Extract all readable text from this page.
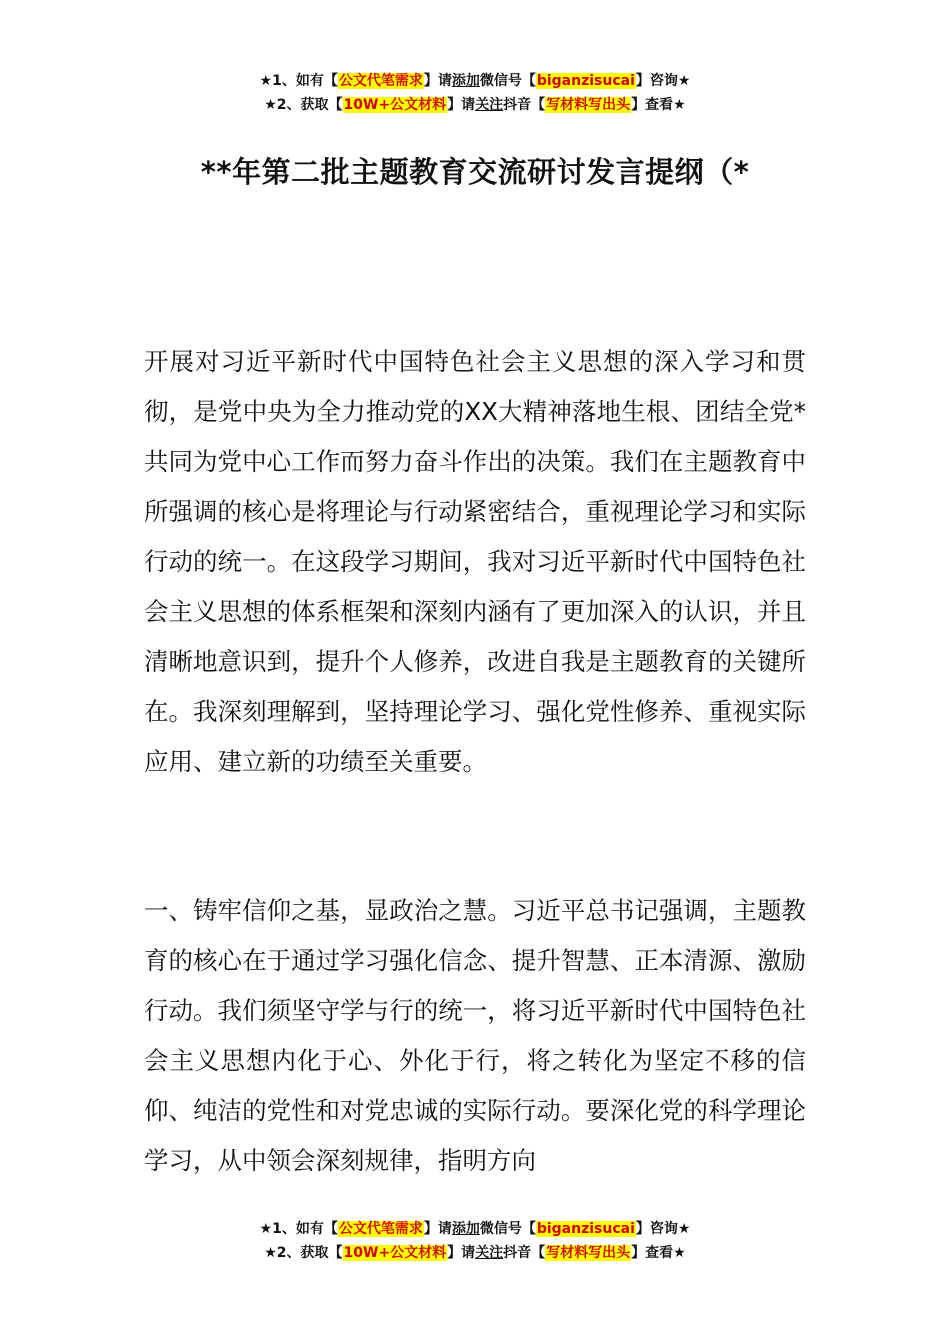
★1、如有【公文代笔需求】请添加微信号【biganzisucai】咨询★
★2、获取【10W+公文材料】请关注抖音【写材料写出头】查看★
**年第二批主题教育交流研讨发言提纲（*
开展对习近平新时代中国特色社会主义思想的深入学习和贯彻，是党中央为全力推动党的XX大精神落地生根、团结全党*共同为党中心工作而努力奋斗作出的决策。我们在主题教育中所强调的核心是将理论与行动紧密结合，重视理论学习和实际行动的统一。在这段学习期间，我对习近平新时代中国特色社会主义思想的体系框架和深刻内涵有了更加深入的认识，并且清晰地意识到，提升个人修养，改进自我是主题教育的关键所在。我深刻理解到，坚持理论学习、强化党性修养、重视实际应用、建立新的功绩至关重要。
一、铸牢信仰之基，显政治之慧。习近平总书记强调，主题教育的核心在于通过学习强化信念、提升智慧、正本清源、激励行动。我们须坚守学与行的统一，将习近平新时代中国特色社会主义思想内化于心、外化于行，将之转化为坚定不移的信仰、纯洁的党性和对党忠诚的实际行动。要深化党的科学理论学习，从中领会深刻规律，指明方向
★1、如有【公文代笔需求】请添加微信号【biganzisucai】咨询★
★2、获取【10W+公文材料】请关注抖音【写材料写出头】查看★
